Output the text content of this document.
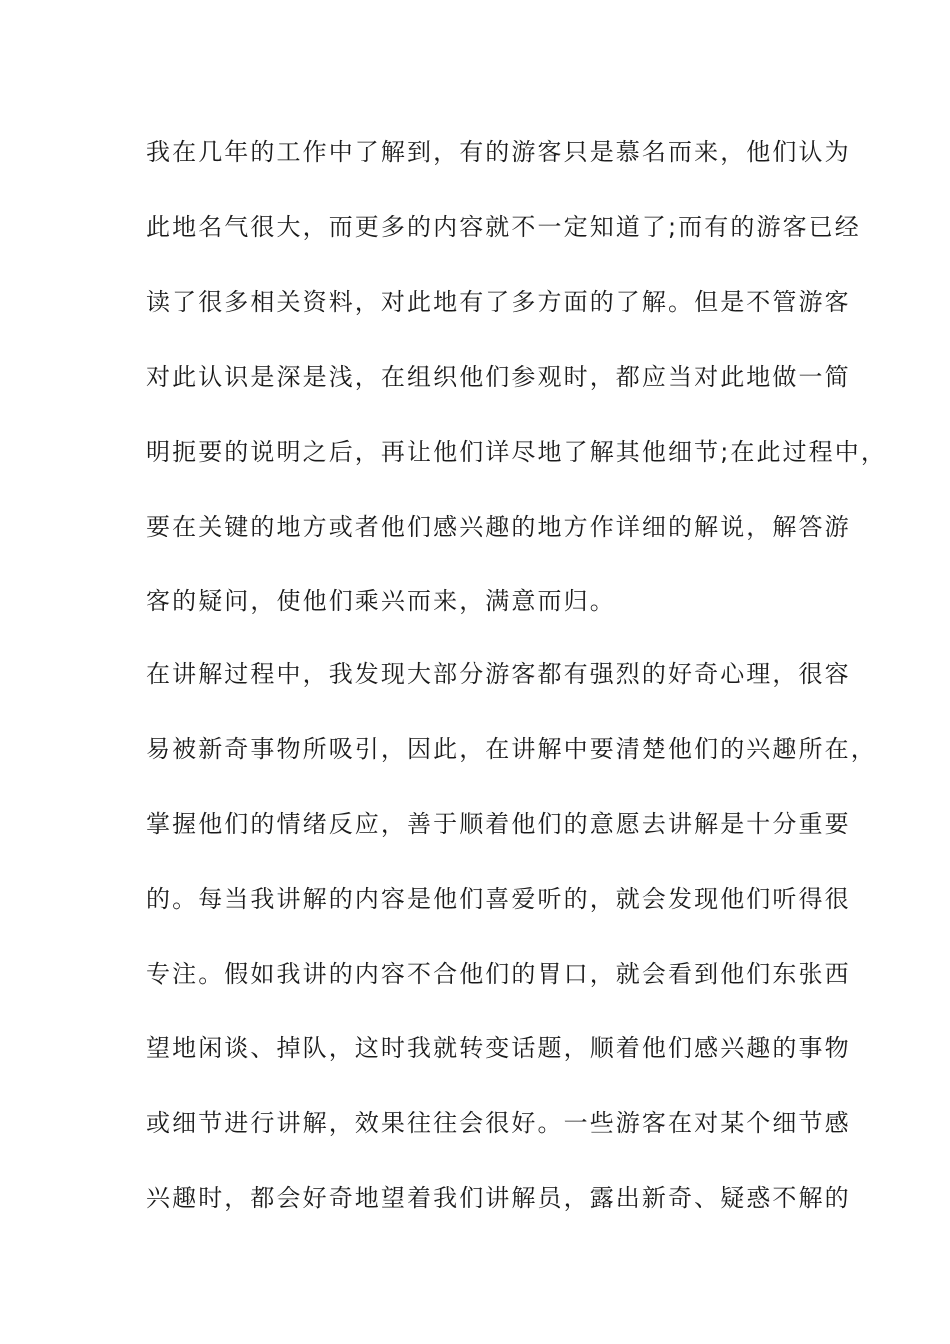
我在几年的工作中了解到，有的游客只是慕名而来，他们认为
此地名气很大，而更多的内容就不一定知道了;而有的游客已经
读了很多相关资料，对此地有了多方面的了解。但是不管游客
对此认识是深是浅，在组织他们参观时，都应当对此地做一简
明扼要的说明之后，再让他们详尽地了解其他细节;在此过程中，
要在关键的地方或者他们感兴趣的地方作详细的解说，解答游
客的疑问，使他们乘兴而来，满意而归。
在讲解过程中，我发现大部分游客都有强烈的好奇心理，很容
易被新奇事物所吸引，因此，在讲解中要清楚他们的兴趣所在，
掌握他们的情绪反应，善于顺着他们的意愿去讲解是十分重要
的。每当我讲解的内容是他们喜爱听的，就会发现他们听得很
专注。假如我讲的内容不合他们的胃口，就会看到他们东张西
望地闲谈、掉队，这时我就转变话题，顺着他们感兴趣的事物
或细节进行讲解，效果往往会很好。一些游客在对某个细节感
兴趣时，都会好奇地望着我们讲解员，露出新奇、疑惑不解的
